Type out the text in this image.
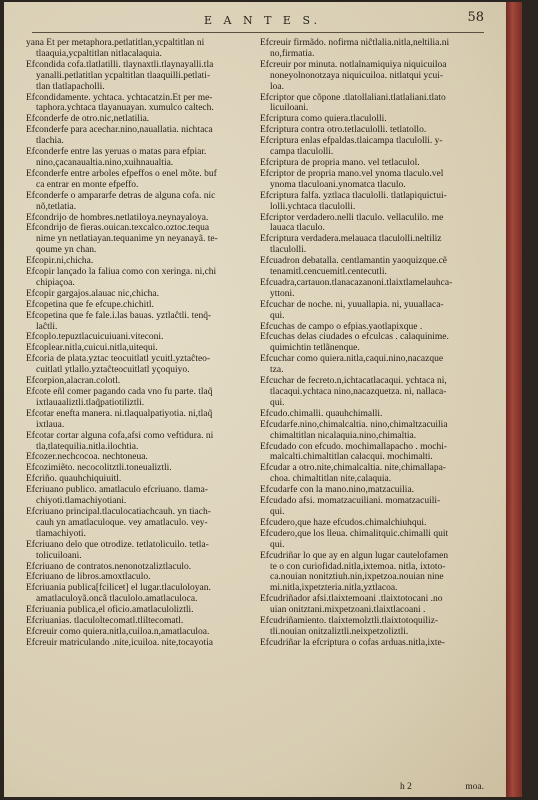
E A N T E S.	58

yana Et per metaphora.petlatitlan,ycpaltitlan ni

tlaaquia,ycpaltitlan nitlacalaquia.

Efcondida cofa.tlatlatilli. tlaynaxtli.tlaynayalli.tla

yanalli.petlatitlan ycpaltitlan tlaaquilli.petlati-

tlan tlatlapacholli.

Efcondidamente. ychtaca. ychtacatzin.Et per me-

taphora.ychtaca tlayanuayan. xumulco caltech.

Efconderfe de otro.nic,netlatilia.

Efconderfe para acechar.nino,nauallatia. nichtaca

tlachia.

Efconderfe entre las yeruas o matas para efpiar.

nino,çacanaualtia.nino,xuihnaualtia.

Efconderfe entre arboles efpeffos o enel mõte. buf

ca entrar en monte efpeffo.

Efconderfe o ampararfe detras de alguna cofa. nic

nõ,tetlatia.

Efcondrijo de hombres.netlatiloya.neynayaloya.

Efcondrijo de fieras.ouican.texcalco.oztoc.tequa

nime yn netlatiayan.tequanime yn neyanayã. te-

qoume yn chan.

Efcopir.ni,chicha.

Efcopir lançado la faliua como con xeringa. ni,chi

chipiaçoa.

Efcopir gargajos.alauac nic,chicha.

Efcopetina que fe efcupe.chichitl.

Efcopetina que fe fale.i.las bauas. yztlaĉtli. tenq̃-

laĉtli.

Efcoplo.tepuztlacuicuiuani.viteconi.

Efcoplear.nitla,cuicui.nitla,uitequi.

Efcoria de plata.yztac teocuitlatl ycuitl.yztaĉteo-

cuitlatl ytlallo.yztaĉteocuitlatl yçoquiyo.

Efcorpion,alacran.colotl.

Efcote eñl comer pagando cada vno fu parte. tlaq̃

ixtlauaaliztli.tlaq̃patiotiliztli.

Efcotar enefta manera. ni.tlaqualpatiyotia. ni,tlaq̃

ixtlaua.

Efcotar cortar alguna cofa,afsi como veftidura. ni

tla,tlatequilia.nitla.ilochtia.

Efcozer.nechcocoa. nechtoneua.

Efcozimiẽto. necocolitztli.toneualiztli.

Efcriño. quauhchiquiuitl.

Efcriuano publico. amatlaculo efcriuano. tlama-

chiyoti.tlamachiyotiani.

Efcriuano principal.tlaculocatiachcauh. yn tiach-

cauh yn amatlaculoque. vey amatlaculo. vey-

tlamachiyoti.

Efcriuano delo que otrodize. tetlatolicuilo. tetla-

tolicuiloani.

Efcriuano de contratos.nenonotzaliztlaculo.

Efcriuano de libros.amoxtlaculo.

Efcriuania publica[fcilicet] el lugar.tlaculoloyan.

amatlaculoyã.oncã tlaculolo.amatlaculoca.

Efcriuania publica,el oficio.amatlaculoliztli.

Efcriuanias. tlaculoltecomatl.tliltecomatl.

Efcreuir como quiera.nitla,cuiloa.n,amatlaculoa.

Efcreuir matriculando .nite,icuiloa. nite,tocayotia

Efcreuir firmãdo. nofirma niĉtlalia.nitla,neltilia.ni

no,firmatia.

Efcreuir por minuta. notlalnamiquiya niquicuiloa

noneyolnonotzaya niquicuiloa. nitlatqui ycui-

loa.

Efcriptor que cõpone .tlatollaliani.tlatlaliani.tlato

licuiloani.

Efcriptura como quiera.tlaculolli.

Efcriptura contra otro.tetlaculolli. tetlatollo.

Efcriptura enlas efpaldas.tlaicampa tlaculolli. y-

campa tlaculolli.

Efcriptura de propria mano. vel tetlaculol.

Efcriptor de propria mano.vel ynoma tlaculo.vel

ynoma tlaculoani.ynomatca tlaculo.

Efcriptura falfa. yztlaca tlaculolli. tlatlapiquictui-

lolli.ychtaca tlaculolli.

Efcriptor verdadero.nelli tlaculo. vellaculilo. me

lauaca tlaculo.

Efcriptura verdadera.melauaca tlaculolli.neltiliz

tlaculolli.

Efcuadron debatalla. centlamantin yaoquizque.cẽ

tenamitl.cencuemitl.centecutli.

Efcuadra,cartauon.tlanacazanoni.tlaixtlamelauhca-

yttoni.

Efcuchar de noche. ni, yuuallapia. ni, yuuallaca-

qui.

Efcuchas de campo o efpias.yaotlapixque .

Efcuchas delas ciudades o efculcas . calaquinime.

quimichtin tetlãnenque.

Efcuchar como quiera.nitla,caqui.nino,nacazque

tza.

Efcuchar de fecreto.n,ichtacatlacaqui. ychtaca ni,

tlacaqui.ychtaca nino,nacazquetza. ni, nallaca-

qui.

Efcudo.chimalli. quauhchimalli.

Efcudarfe.nino,chimalcaltia. nino,chimaltzacuilia

chimaltitlan nicalaquia.nino,chimaltia.

Efcudado con efcudo. mochimallapacho . mochi-

malcalti.chimaltitlan calacqui. mochimalti.

Efcudar a otro.nite,chimalcaltia. nite,chimallapa-

choa. chimaltitlan nite,calaquia.

Efcudarfe con la mano.nino,matzacuilia.

Efcudado afsi. momatzacuiliani. momatzacuili-

qui.

Efcudero,que haze efcudos.chimalchiuhqui.

Efcudero,que los lleua. chimalitquic.chimalli quit

qui.

Efcudriñar lo que ay en algun lugar cautelofamen

te o con curiofidad.nitla,ixtemoa. nitla, ixtoto-

ca.nouian nonitztiuh.nin,ixpetzoa.nouian nine

mi.nitla,ixpetzteria.nitla,yztlacoa.

Efcudriñador afsi.tlaixtemoani .tlaixtotocani .no

uian onitztani.mixpetzoani.tlaixtlacoani .

Efcudriñamiento. tlaixtemolztli.tlaixtotoquiliz-

tli.nouian onitzaliztli.neixpetzoliztli.

Efcudriñar la efcriptura o cofas arduas.nitla,ixte-

h 2	moa.
